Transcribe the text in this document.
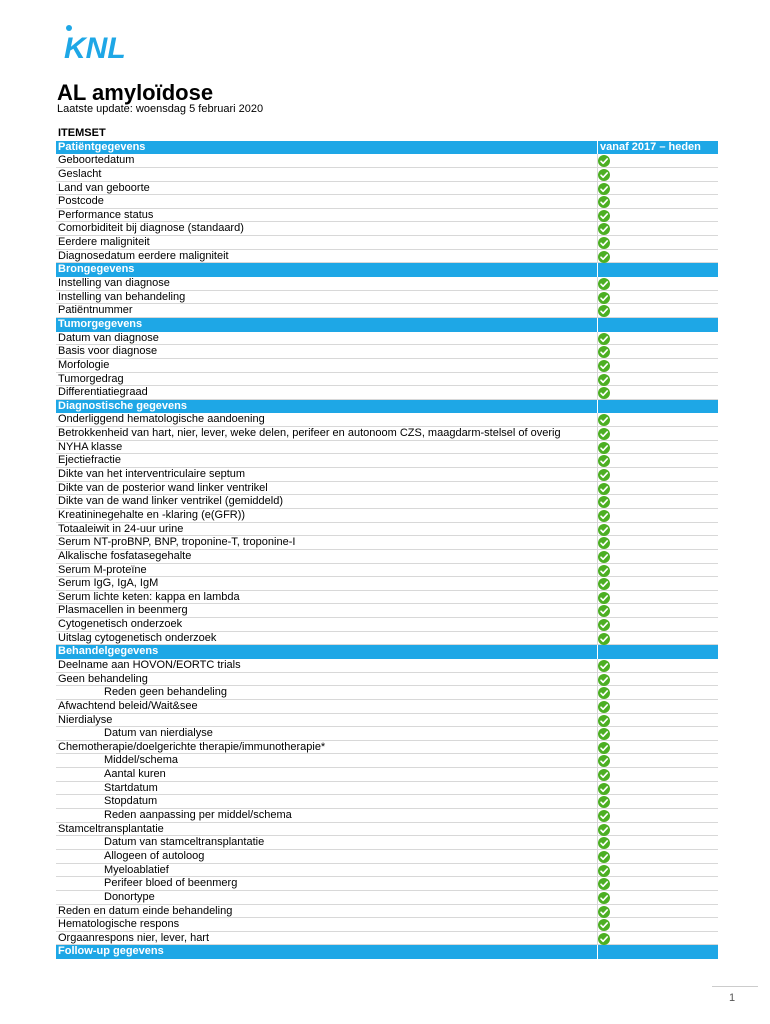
KNL
AL amyloïdose
Laatste update: woensdag 5 februari 2020
ITEMSET
Patiëntgegevens	vanaf 2017 – heden
Geboortedatum
Geslacht
Land van geboorte
Postcode
Performance status
Comorbiditeit bij diagnose (standaard)
Eerdere maligniteit
Diagnosedatum eerdere maligniteit
Brongegevens
Instelling van diagnose
Instelling van behandeling
Patiëntnummer
Tumorgegevens
Datum van diagnose
Basis voor diagnose
Morfologie
Tumorgedrag
Differentiatiegraad
Diagnostische gegevens
Onderliggend hematologische aandoening
Betrokkenheid van hart, nier, lever, weke delen, perifeer en autonoom CZS, maagdarm-stelsel of overig
NYHA klasse
Ejectiefractie
Dikte van het interventriculaire septum
Dikte van de posterior wand linker ventrikel
Dikte van de wand linker ventrikel (gemiddeld)
Kreatininegehalte en -klaring (e(GFR))
Totaaleiwit in 24-uur urine
Serum NT-proBNP, BNP, troponine-T, troponine-I
Alkalische fosfatasegehalte
Serum M-proteïne
Serum IgG, IgA, IgM
Serum lichte keten: kappa en lambda
Plasmacellen in beenmerg
Cytogenetisch onderzoek
Uitslag cytogenetisch onderzoek
Behandelgegevens
Deelname aan HOVON/EORTC trials
Geen behandeling
Reden geen behandeling
Afwachtend beleid/Wait&see
Nierdialyse
Datum van nierdialyse
Chemotherapie/doelgerichte therapie/immunotherapie*
Middel/schema
Aantal kuren
Startdatum
Stopdatum
Reden aanpassing per middel/schema
Stamceltransplantatie
Datum van stamceltransplantatie
Allogeen of autoloog
Myeloablatief
Perifeer bloed of beenmerg
Donortype
Reden en datum einde behandeling
Hematologische respons
Orgaanrespons nier, lever, hart
Follow-up gegevens
1
